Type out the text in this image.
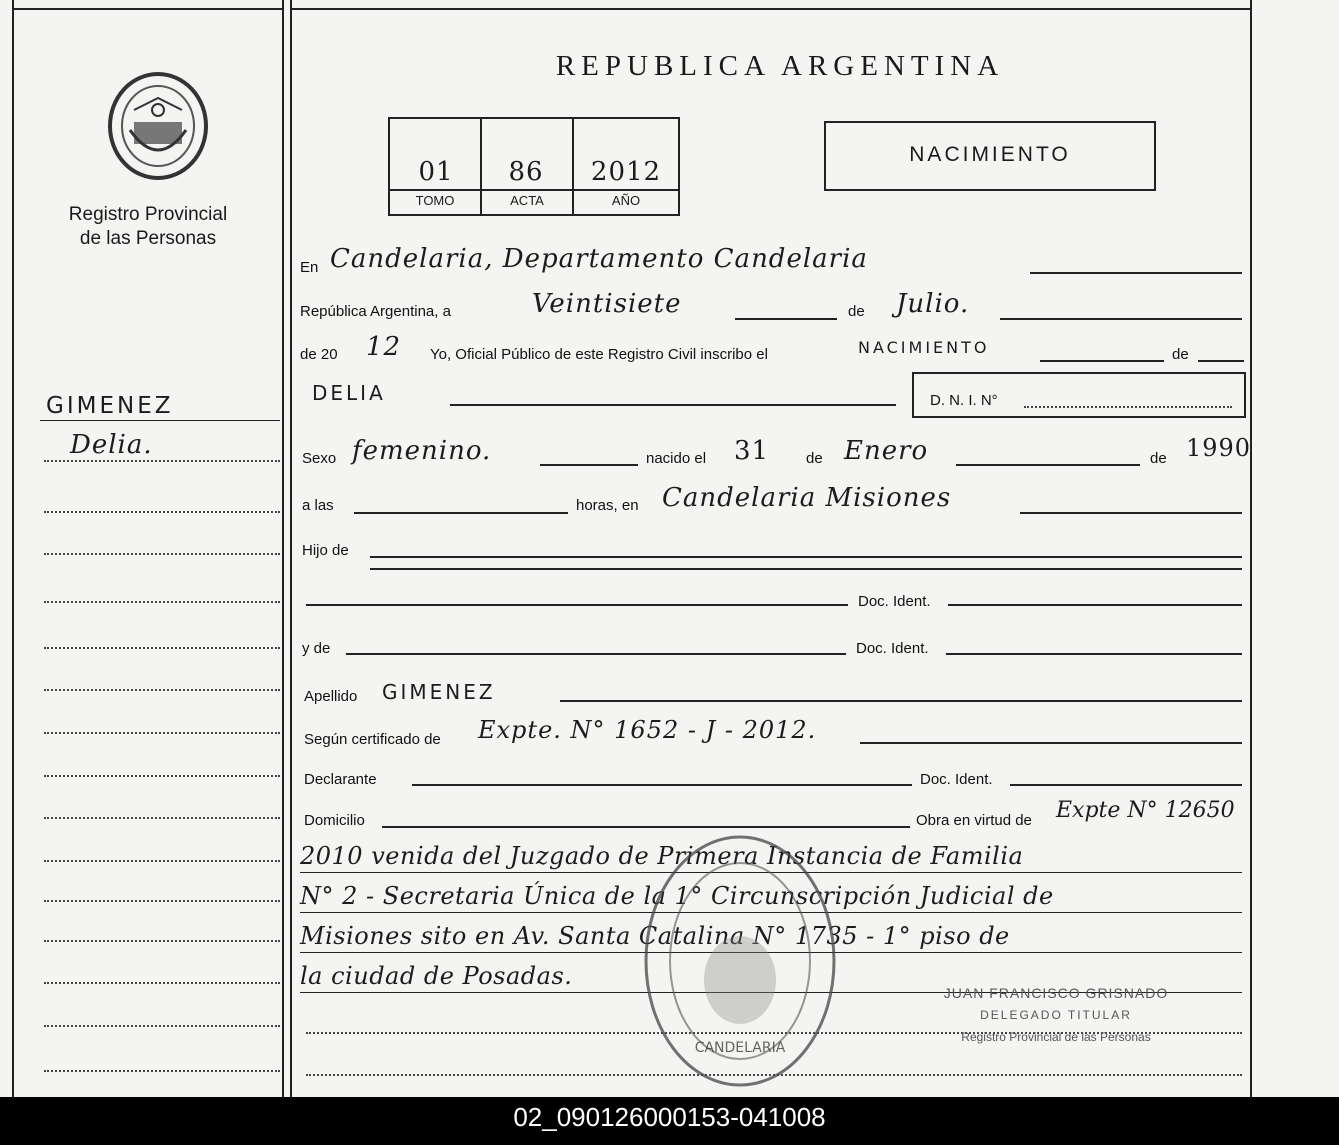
Registro Provincial
de las Personas
REPUBLICA ARGENTINA
01	86	2012
TOMO	ACTA	AÑO
NACIMIENTO
GIMENEZ
Delia.
En Candelaria, Departamento Candelaria
República Argentina, a	Veintisiete	de Julio.
de 20 12 Yo, Oficial Público de este Registro Civil inscribo el	NACIMIENTO	de
DELIA	D. N. I. N°
Sexo femenino.	nacido el 31 de Enero	de 1990
a las	horas, en Candelaria Misiones
Hijo de
Doc. Ident.
y de	Doc. Ident.
Apellido GIMENEZ
Según certificado de Expte. N° 1652 - J - 2012.
Declarante	Doc. Ident.
Domicilio	Obra en virtud de Expte N° 12650
2010 venida del Juzgado de Primera Instancia de Familia
N° 2 - Secretaria Única de la 1° Circunscripción Judicial de
Misiones sito en Av. Santa Catalina N° 1735 - 1° piso de
la ciudad de Posadas.
CANDELARIA
JUAN FRANCISCO GRISNADO
DELEGADO TITULAR
Registro Provincial de las Personas
02_090126000153-041008
